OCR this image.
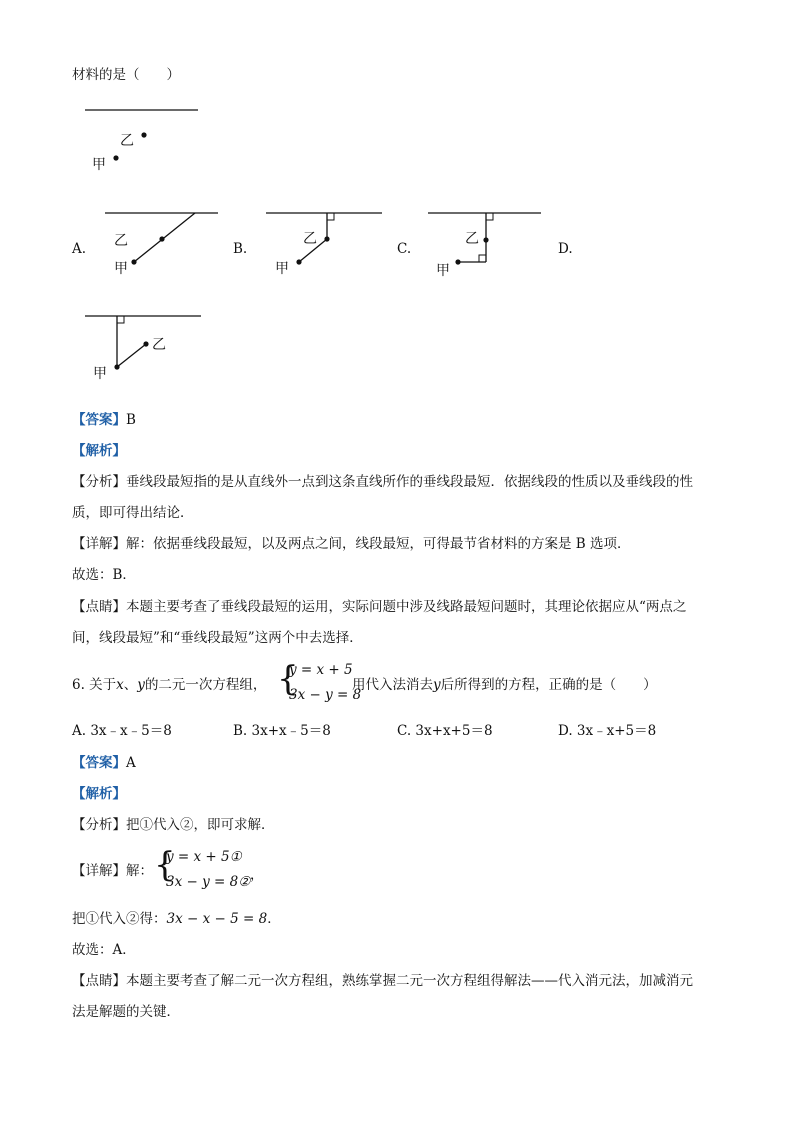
材料的是（　　）
乙
甲
A.	B.	C.	D.
乙
甲
乙
甲
乙
甲
乙
甲
【答案】B
【解析】
【分析】垂线段最短指的是从直线外一点到这条直线所作的垂线段最短．依据线段的性质以及垂线段的性
质，即可得出结论．
【详解】解：依据垂线段最短，以及两点之间，线段最短，可得最节省材料的方案是 B 选项．
故选：B．
【点睛】本题主要考查了垂线段最短的运用，实际问题中涉及线路最短问题时，其理论依据应从“两点之
间，线段最短”和“垂线段最短”这两个中去选择．
6. 关于x、y的二元一次方程组， {
y = x + 5
3x − y = 8
用代入法消去y后所得到的方程，正确的是（　　）
A. 3x﹣x﹣5＝8	B. 3x+x﹣5＝8	C. 3x+x+5＝8	D. 3x﹣x+5＝8
【答案】A
【解析】
【分析】把①代入②，即可求解．
【详解】解： {
y = x + 5①
3x − y = 8② ，
把①代入②得：3x − x − 5 = 8．
故选：A．
【点睛】本题主要考查了解二元一次方程组，熟练掌握二元一次方程组得解法——代入消元法，加减消元
法是解题的关键．
